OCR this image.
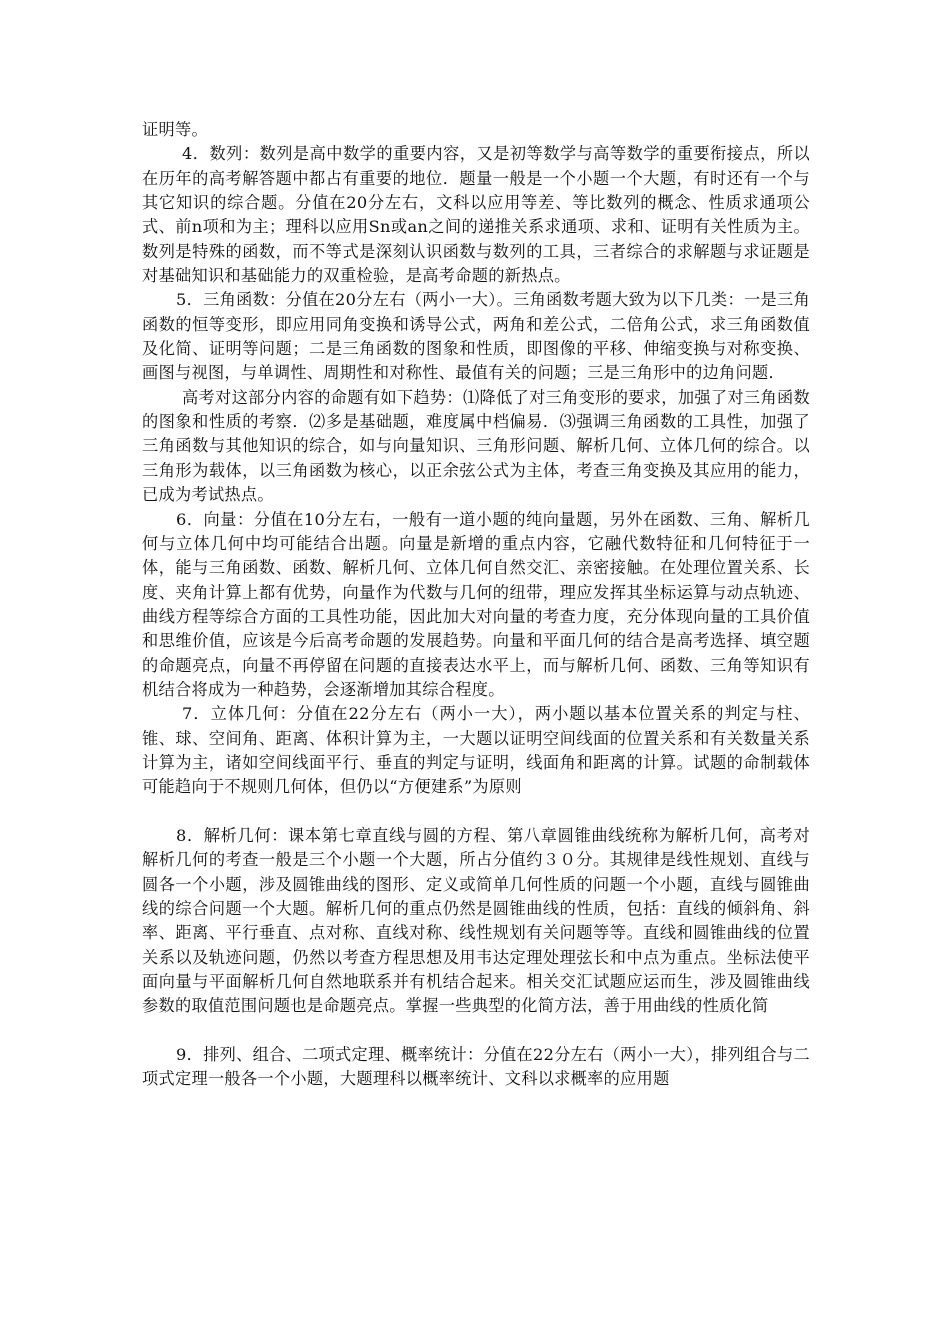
证明等。

4．数列：数列是高中数学的重要内容，又是初等数学与高等数学的重要衔接点，所以在历年的高考解答题中都占有重要的地位．题量一般是一个小题一个大题，有时还有一个与其它知识的综合题。分值在20分左右，文科以应用等差、等比数列的概念、性质求通项公式、前n项和为主；理科以应用Sn或an之间的递推关系求通项、求和、证明有关性质为主。数列是特殊的函数，而不等式是深刻认识函数与数列的工具，三者综合的求解题与求证题是对基础知识和基础能力的双重检验，是高考命题的新热点。

5．三角函数：分值在20分左右（两小一大）。三角函数考题大致为以下几类：一是三角函数的恒等变形，即应用同角变换和诱导公式，两角和差公式，二倍角公式，求三角函数值及化简、证明等问题；二是三角函数的图象和性质，即图像的平移、伸缩变换与对称变换、画图与视图，与单调性、周期性和对称性、最值有关的问题；三是三角形中的边角问题．

高考对这部分内容的命题有如下趋势：⑴降低了对三角变形的要求，加强了对三角函数的图象和性质的考察．⑵多是基础题，难度属中档偏易．⑶强调三角函数的工具性，加强了三角函数与其他知识的综合，如与向量知识、三角形问题、解析几何、立体几何的综合。以三角形为载体，以三角函数为核心，以正余弦公式为主体，考查三角变换及其应用的能力，已成为考试热点。

6．向量：分值在10分左右，一般有一道小题的纯向量题，另外在函数、三角、解析几何与立体几何中均可能结合出题。向量是新增的重点内容，它融代数特征和几何特征于一体，能与三角函数、函数、解析几何、立体几何自然交汇、亲密接触。在处理位置关系、长度、夹角计算上都有优势，向量作为代数与几何的纽带，理应发挥其坐标运算与动点轨迹、曲线方程等综合方面的工具性功能，因此加大对向量的考查力度，充分体现向量的工具价值和思维价值，应该是今后高考命题的发展趋势。向量和平面几何的结合是高考选择、填空题的命题亮点，向量不再停留在问题的直接表达水平上，而与解析几何、函数、三角等知识有机结合将成为一种趋势，会逐渐增加其综合程度。

7．立体几何：分值在22分左右（两小一大），两小题以基本位置关系的判定与柱、锥、球、空间角、距离、体积计算为主，一大题以证明空间线面的位置关系和有关数量关系计算为主，诸如空间线面平行、垂直的判定与证明，线面角和距离的计算。试题的命制载体可能趋向于不规则几何体，但仍以“方便建系”为原则

8．解析几何：课本第七章直线与圆的方程、第八章圆锥曲线统称为解析几何，高考对解析几何的考查一般是三个小题一个大题，所占分值约３０分。其规律是线性规划、直线与圆各一个小题，涉及圆锥曲线的图形、定义或简单几何性质的问题一个小题，直线与圆锥曲线的综合问题一个大题。解析几何的重点仍然是圆锥曲线的性质，包括：直线的倾斜角、斜率、距离、平行垂直、点对称、直线对称、线性规划有关问题等等。直线和圆锥曲线的位置关系以及轨迹问题，仍然以考查方程思想及用韦达定理处理弦长和中点为重点。坐标法使平面向量与平面解析几何自然地联系并有机结合起来。相关交汇试题应运而生，涉及圆锥曲线参数的取值范围问题也是命题亮点。掌握一些典型的化简方法，善于用曲线的性质化简

9．排列、组合、二项式定理、概率统计：分值在22分左右（两小一大），排列组合与二项式定理一般各一个小题，大题理科以概率统计、文科以求概率的应用题
